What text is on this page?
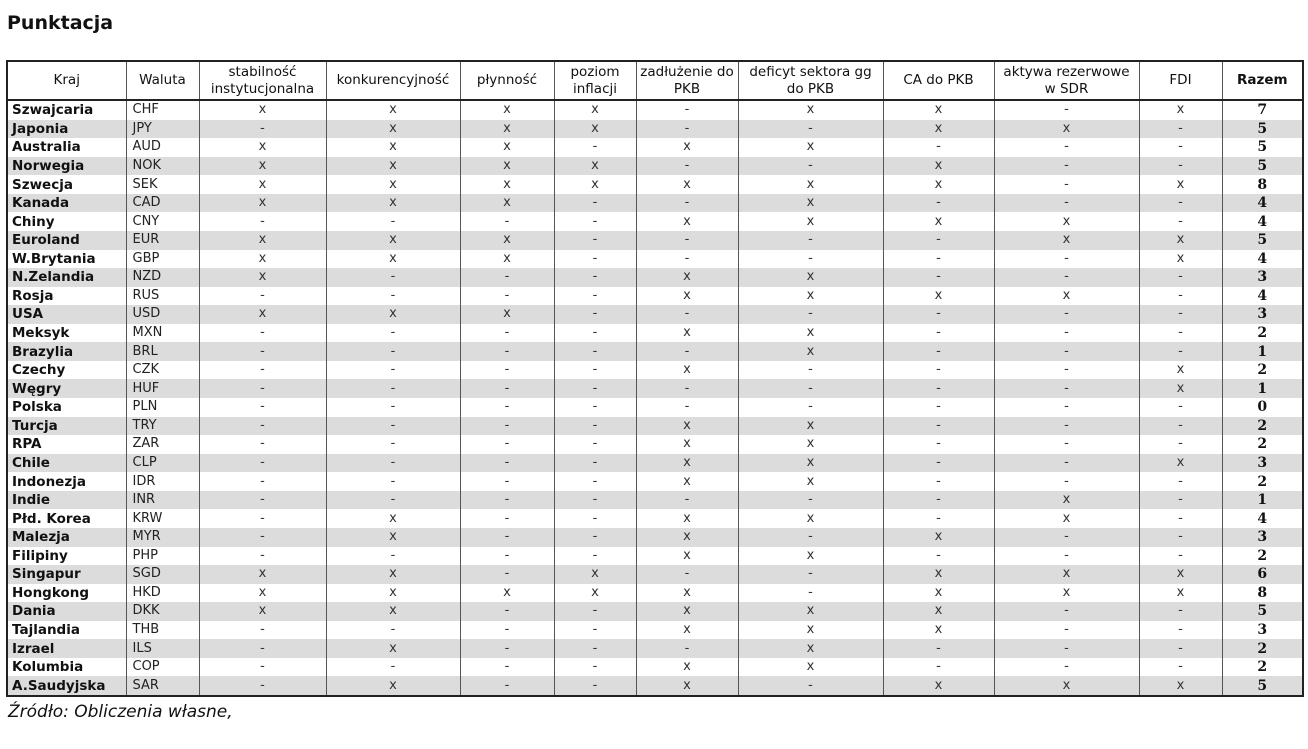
Punktacja
Kraj	Waluta	stabilność instytucjonalna	konkurencyjność	płynność	poziom inflacji	zadłużenie do PKB	deficyt sektora gg do PKB	CA do PKB	aktywa rezerwowe w SDR	FDI	Razem
Szwajcaria	CHF	x	x	x	x	-	x	x	-	x	7
Japonia	JPY	-	x	x	x	-	-	x	x	-	5
Australia	AUD	x	x	x	-	x	x	-	-	-	5
Norwegia	NOK	x	x	x	x	-	-	x	-	-	5
Szwecja	SEK	x	x	x	x	x	x	x	-	x	8
Kanada	CAD	x	x	x	-	-	x	-	-	-	4
Chiny	CNY	-	-	-	-	x	x	x	x	-	4
Euroland	EUR	x	x	x	-	-	-	-	x	x	5
W.Brytania	GBP	x	x	x	-	-	-	-	-	x	4
N.Zelandia	NZD	x	-	-	-	x	x	-	-	-	3
Rosja	RUS	-	-	-	-	x	x	x	x	-	4
USA	USD	x	x	x	-	-	-	-	-	-	3
Meksyk	MXN	-	-	-	-	x	x	-	-	-	2
Brazylia	BRL	-	-	-	-	-	x	-	-	-	1
Czechy	CZK	-	-	-	-	x	-	-	-	x	2
Węgry	HUF	-	-	-	-	-	-	-	-	x	1
Polska	PLN	-	-	-	-	-	-	-	-	-	0
Turcja	TRY	-	-	-	-	x	x	-	-	-	2
RPA	ZAR	-	-	-	-	x	x	-	-	-	2
Chile	CLP	-	-	-	-	x	x	-	-	x	3
Indonezja	IDR	-	-	-	-	x	x	-	-	-	2
Indie	INR	-	-	-	-	-	-	-	x	-	1
Płd. Korea	KRW	-	x	-	-	x	x	-	x	-	4
Malezja	MYR	-	x	-	-	x	-	x	-	-	3
Filipiny	PHP	-	-	-	-	x	x	-	-	-	2
Singapur	SGD	x	x	-	x	-	-	x	x	x	6
Hongkong	HKD	x	x	x	x	x	-	x	x	x	8
Dania	DKK	x	x	-	-	x	x	x	-	-	5
Tajlandia	THB	-	-	-	-	x	x	x	-	-	3
Izrael	ILS	-	x	-	-	-	x	-	-	-	2
Kolumbia	COP	-	-	-	-	x	x	-	-	-	2
A.Saudyjska	SAR	-	x	-	-	x	-	x	x	x	5
Źródło: Obliczenia własne,
